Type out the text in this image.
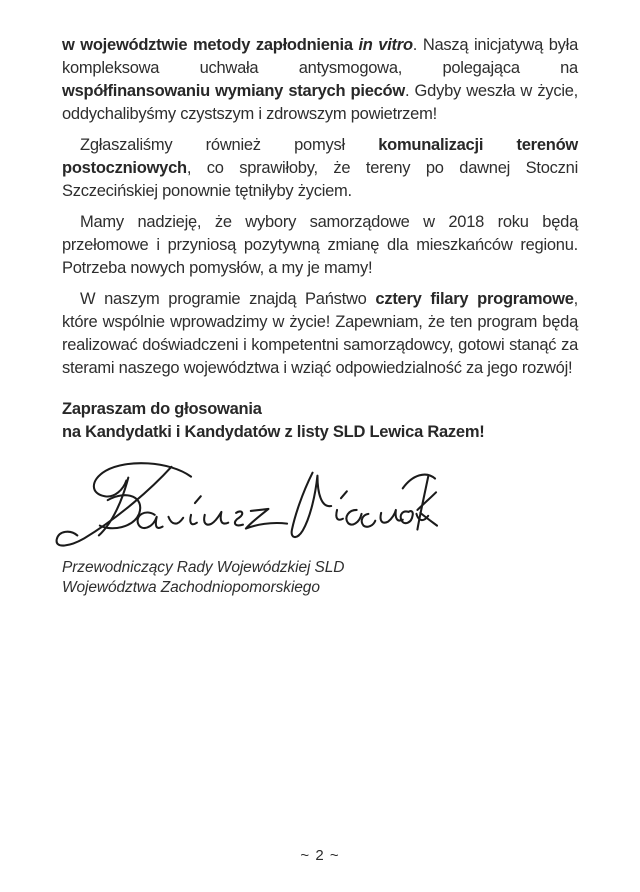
w województwie metody zapłodnienia in vitro. Naszą inicjatywą była kompleksowa uchwała antysmogowa, polegająca na współfinansowaniu wymiany starych pieców. Gdyby weszła w życie, oddychalibyśmy czystszym i zdrowszym powietrzem!

Zgłaszaliśmy również pomysł komunalizacji terenów postoczniowych, co sprawiłoby, że tereny po dawnej Stoczni Szczecińskiej ponownie tętniłyby życiem.

Mamy nadzieję, że wybory samorządowe w 2018 roku będą przełomowe i przyniosą pozytywną zmianę dla mieszkańców regionu. Potrzeba nowych pomysłów, a my je mamy!

W naszym programie znajdą Państwo cztery filary programowe, które wspólnie wprowadzimy w życie! Zapewniam, że ten program będą realizować doświadczeni i kompetentni samorządowcy, gotowi stanąć za sterami naszego województwa i wziąć odpowiedzialność za jego rozwój!

Zapraszam do głosowania
na Kandydatki i Kandydatów z listy SLD Lewica Razem!
Przewodniczący Rady Wojewódzkiej SLD
Województwa Zachodniopomorskiego
~ 2 ~
